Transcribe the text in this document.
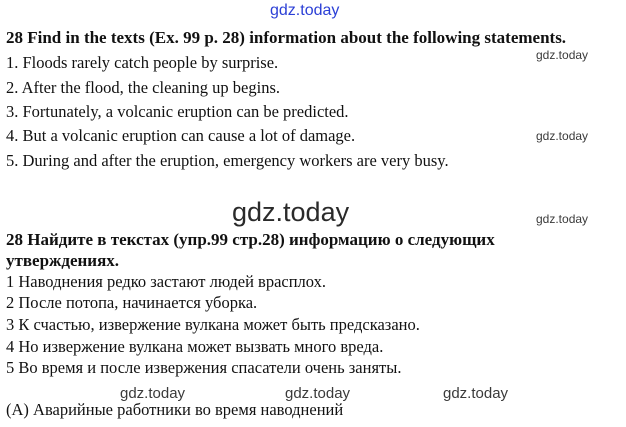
gdz.today
28 Find in the texts (Ex. 99 p. 28) information about the following statements.
gdz.today
1. Floods rarely catch people by surprise.
2. After the flood, the cleaning up begins.
3. Fortunately, a volcanic eruption can be predicted.
4. But a volcanic eruption can cause a lot of damage.	gdz.today
5. During and after the eruption, emergency workers are very busy.
gdz.today	gdz.today
28 Найдите в текстах (упр.99 стр.28) информацию о следующих
утверждениях.
1 Наводнения редко застают людей врасплох.
2 После потопа, начинается уборка.
3 К счастью, извержение вулкана может быть предсказано.
4 Но извержение вулкана может вызвать много вреда.
5 Во время и после извержения спасатели очень заняты.
gdz.today	gdz.today	gdz.today
(А) Аварийные работники во время наводнений
